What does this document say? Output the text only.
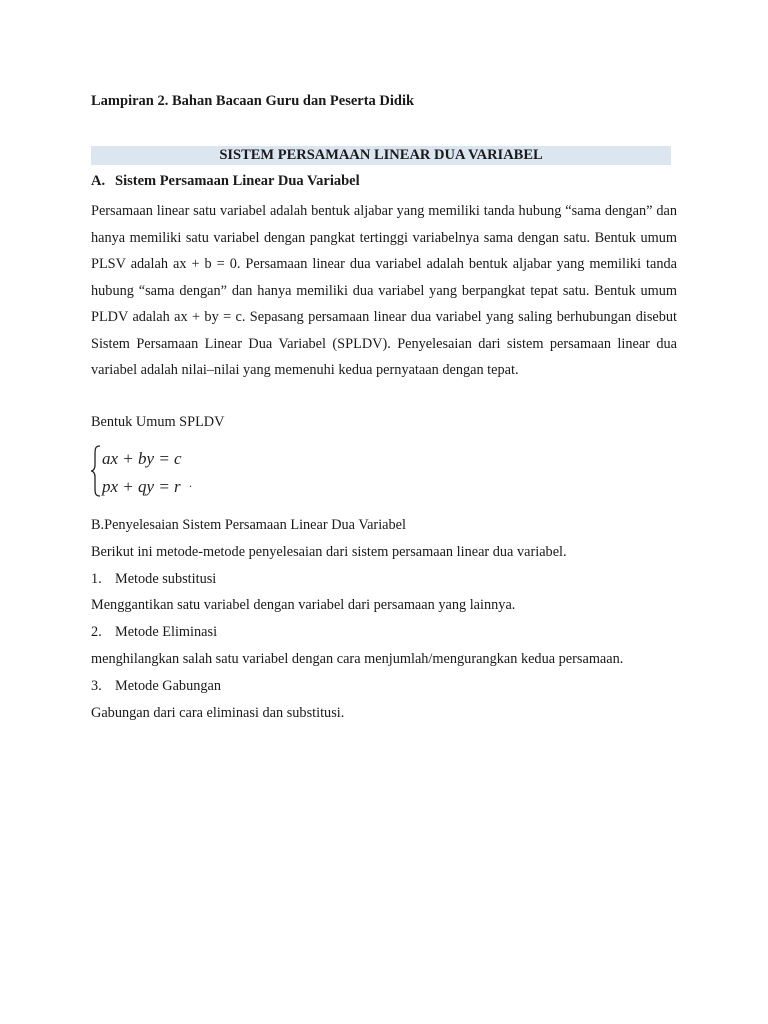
Lampiran 2. Bahan Bacaan Guru dan Peserta Didik
SISTEM PERSAMAAN LINEAR DUA VARIABEL
A. Sistem Persamaan Linear Dua Variabel
Persamaan linear satu variabel adalah bentuk aljabar yang memiliki tanda hubung “sama dengan” dan hanya memiliki satu variabel dengan pangkat tertinggi variabelnya sama dengan satu. Bentuk umum PLSV adalah ax + b = 0. Persamaan linear dua variabel adalah bentuk aljabar yang memiliki tanda hubung “sama dengan” dan hanya memiliki dua variabel yang berpangkat tepat satu. Bentuk umum PLDV adalah ax + by = c. Sepasang persamaan linear dua variabel yang saling berhubungan disebut Sistem Persamaan Linear Dua Variabel (SPLDV). Penyelesaian dari sistem persamaan linear dua variabel adalah nilai–nilai yang memenuhi kedua pernyataan dengan tepat.
Bentuk Umum SPLDV
ax + by = c
px + qy = r .
B.Penyelesaian Sistem Persamaan Linear Dua Variabel
Berikut ini metode-metode penyelesaian dari sistem persamaan linear dua variabel.
1. Metode substitusi
Menggantikan satu variabel dengan variabel dari persamaan yang lainnya.
2. Metode Eliminasi
menghilangkan salah satu variabel dengan cara menjumlah/mengurangkan kedua persamaan.
3. Metode Gabungan
Gabungan dari cara eliminasi dan substitusi.
